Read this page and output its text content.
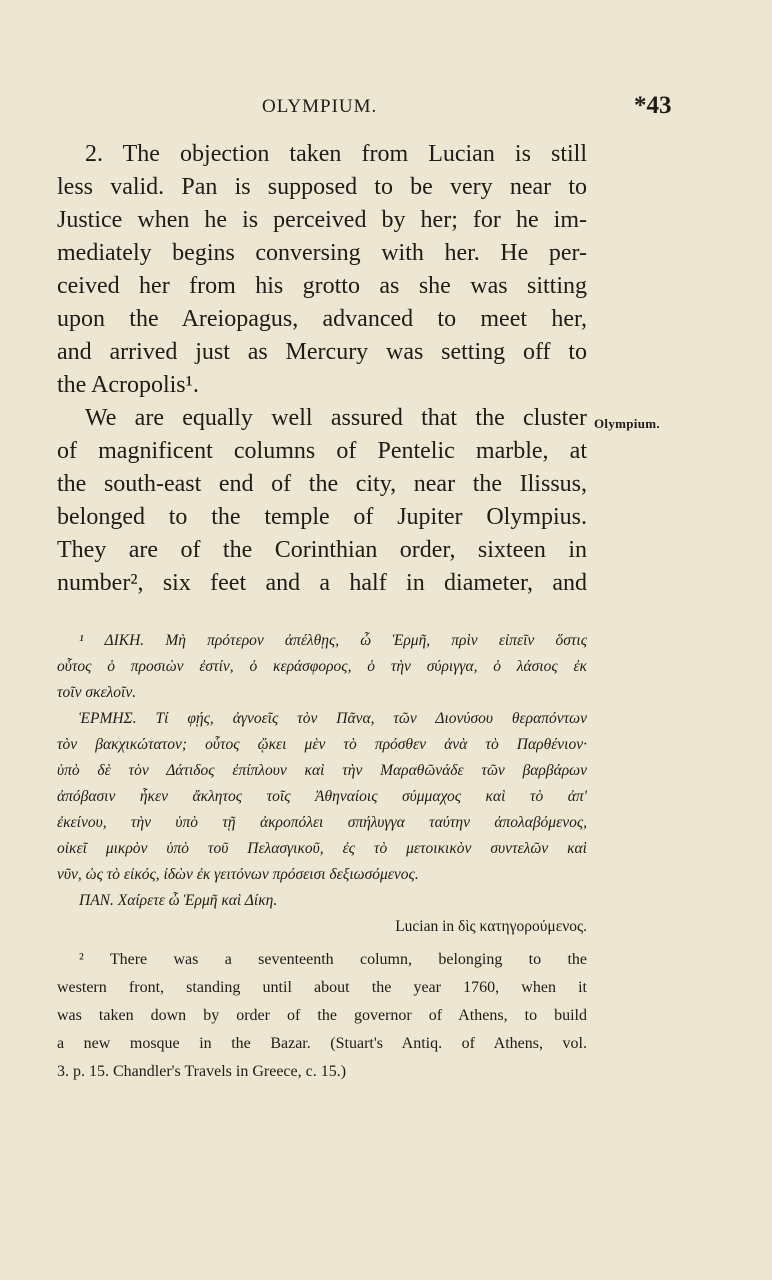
OLYMPIUM.	*43
2. The objection taken from Lucian is still
less valid. Pan is supposed to be very near to
Justice when he is perceived by her; for he im-
mediately begins conversing with her. He per-
ceived her from his grotto as she was sitting
upon the Areiopagus, advanced to meet her,
and arrived just as Mercury was setting off to
the Acropolis¹.
We are equally well assured that the cluster
of magnificent columns of Pentelic marble, at
the south-east end of the city, near the Ilissus,
belonged to the temple of Jupiter Olympius.
They are of the Corinthian order, sixteen in
number², six feet and a half in diameter, and
Olympium.
¹ ΔΙΚΗ. Μὴ πρότερον ἀπέλθῃς, ὦ Ἑρμῆ, πρὶν εἰπεῖν ὅστις
οὗτος ὁ προσιὼν ἐστίν, ὁ κεράσφορος, ὁ τὴν σύριγγα, ὁ λάσιος ἐκ
τοῖν σκελοῖν.
ἙΡΜΗΣ. Τί φῄς, ἀγνοεῖς τὸν Πᾶνα, τῶν Διονύσου θεραπόντων
τὸν βακχικώτατον; οὗτος ᾤκει μὲν τὸ πρόσθεν ἀνὰ τὸ Παρθένιον·
ὑπὸ δὲ τὸν Δάτιδος ἐπίπλουν καὶ τὴν Μαραθῶνάδε τῶν βαρβάρων
ἀπόβασιν ἧκεν ἄκλητος τοῖς Ἀθηναίοις σύμμαχος καὶ τὸ ἀπ'
ἐκείνου, τὴν ὑπὸ τῇ ἀκροπόλει σπήλυγγα ταύτην ἀπολαβόμενος,
οἰκεῖ μικρὸν ὑπὸ τοῦ Πελασγικοῦ, ἐς τὸ μετοικικὸν συντελῶν καὶ
νῦν, ὡς τὸ εἰκός, ἰδὼν ἐκ γειτόνων πρόσεισι δεξιωσόμενος.
ΠΑΝ. Χαίρετε ὦ Ἑρμῆ καὶ Δίκη.
Lucian in δὶς κατηγορούμενος.
² There was a seventeenth column, belonging to the
western front, standing until about the year 1760, when it
was taken down by order of the governor of Athens, to build
a new mosque in the Bazar. (Stuart's Antiq. of Athens, vol.
3. p. 15. Chandler's Travels in Greece, c. 15.)
